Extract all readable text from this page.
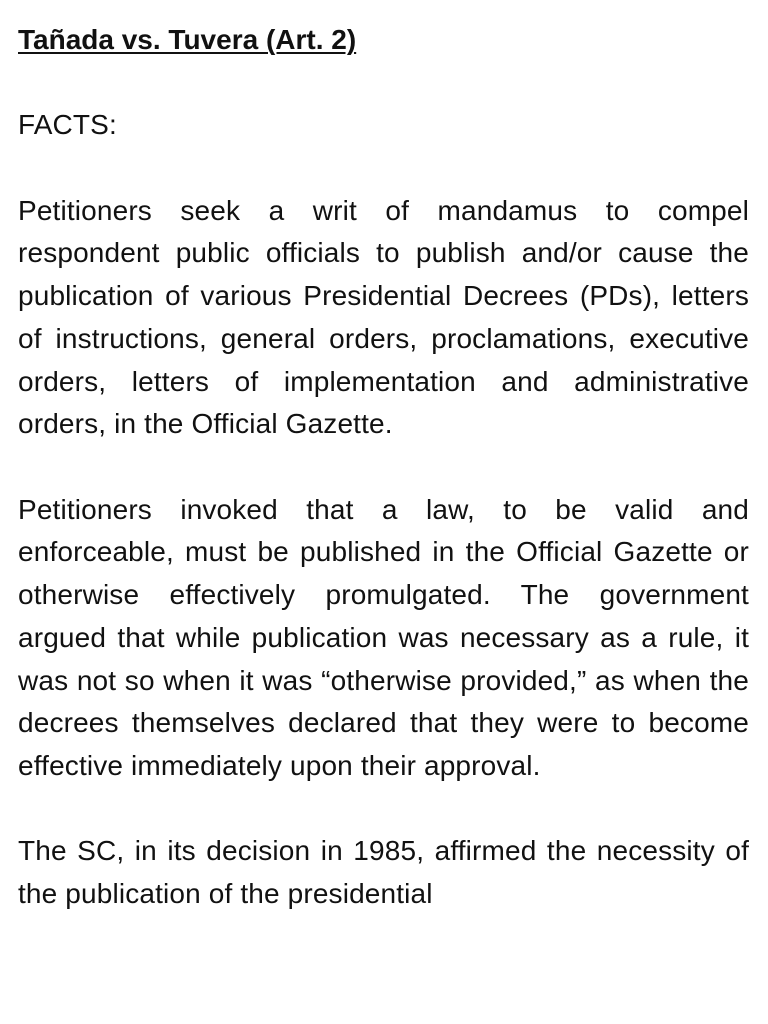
Tañada vs. Tuvera (Art. 2)

FACTS:

Petitioners seek a writ of mandamus to compel respondent public officials to publish and/or cause the publication of various Presidential Decrees (PDs), letters of instructions, general orders, proclamations, executive orders, letters of implementation and administrative orders, in the Official Gazette.

Petitioners invoked that a law, to be valid and enforceable, must be published in the Official Gazette or otherwise effectively promulgated. The government argued that while publication was necessary as a rule, it was not so when it was “otherwise provided,” as when the decrees themselves declared that they were to become effective immediately upon their approval.

The SC, in its decision in 1985, affirmed the necessity of the publication of the presidential
